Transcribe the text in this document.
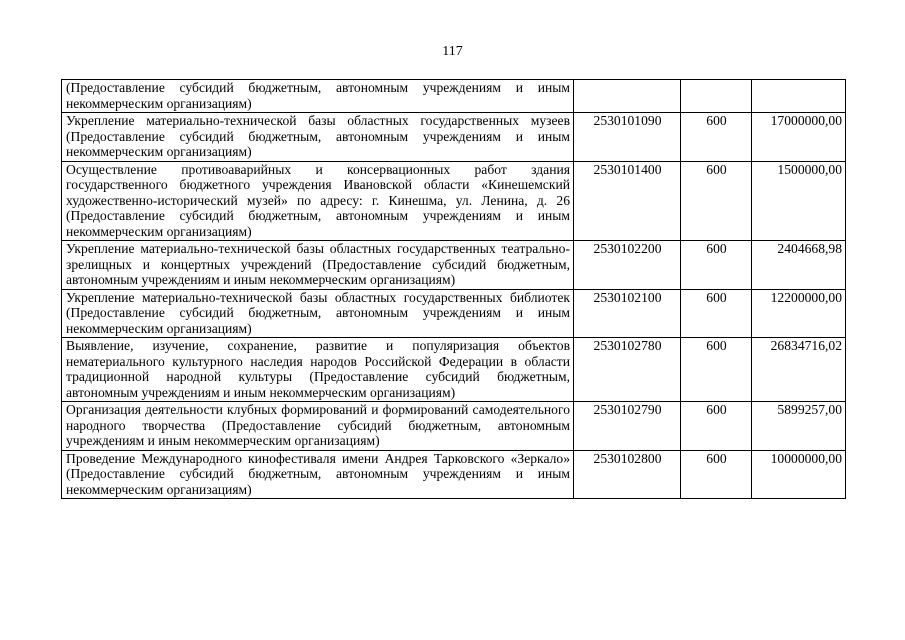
117
(Предоставление субсидий бюджетным, автономным учреждениям и иным некоммерческим организациям)			
Укрепление материально-технической базы областных государственных музеев (Предоставление субсидий бюджетным, автономным учреждениям и иным некоммерческим организациям)	2530101090	600	17000000,00
Осуществление противоаварийных и консервационных работ здания государственного бюджетного учреждения Ивановской области «Кинешемский художественно-исторический музей» по адресу: г. Кинешма, ул. Ленина, д. 26 (Предоставление субсидий бюджетным, автономным учреждениям и иным некоммерческим организациям)	2530101400	600	1500000,00
Укрепление материально-технической базы областных государственных театрально-зрелищных и концертных учреждений (Предоставление субсидий бюджетным, автономным учреждениям и иным некоммерческим организациям)	2530102200	600	2404668,98
Укрепление материально-технической базы областных государственных библиотек (Предоставление субсидий бюджетным, автономным учреждениям и иным некоммерческим организациям)	2530102100	600	12200000,00
Выявление, изучение, сохранение, развитие и популяризация объектов нематериального культурного наследия народов Российской Федерации в области традиционной народной культуры (Предоставление субсидий бюджетным, автономным учреждениям и иным некоммерческим организациям)	2530102780	600	26834716,02
Организация деятельности клубных формирований и формирований самодеятельного народного творчества (Предоставление субсидий бюджетным, автономным учреждениям и иным некоммерческим организациям)	2530102790	600	5899257,00
Проведение Международного кинофестиваля имени Андрея Тарковского «Зеркало» (Предоставление субсидий бюджетным, автономным учреждениям и иным некоммерческим организациям)	2530102800	600	10000000,00
